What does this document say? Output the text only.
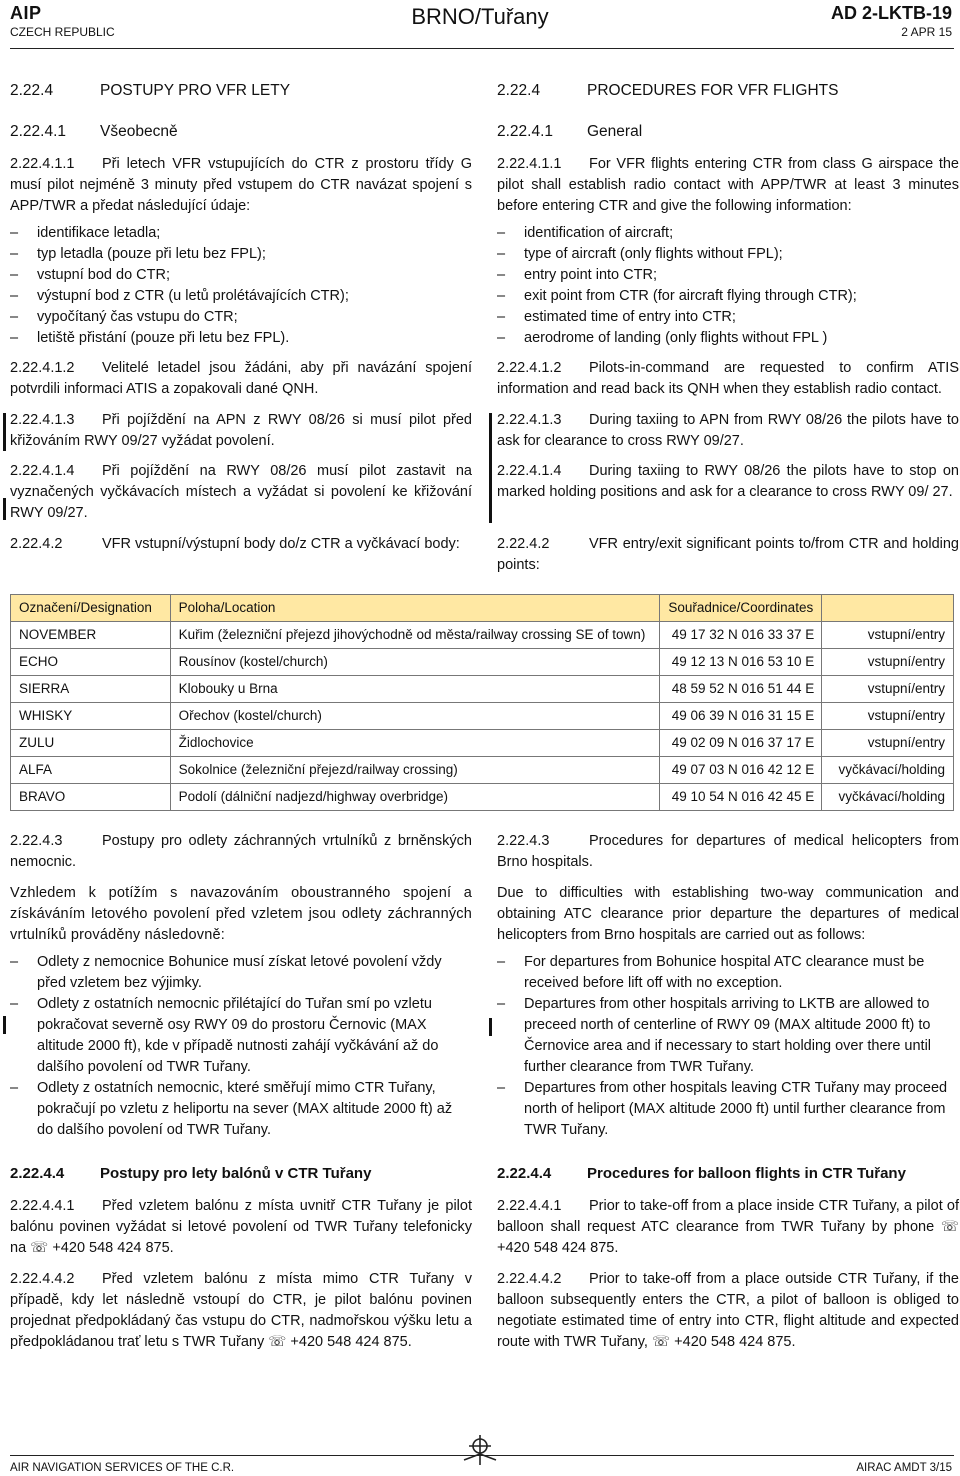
AIP
CZECH REPUBLIC
BRNO/Tuřany	AD 2-LKTB-19
2 APR 15
2.22.4	POSTUPY PRO VFR LETY
2.22.4.1 Všeobecně
2.22.4.1.1 Při letech VFR vstupujících do CTR z prostoru třídy G musí pilot nejméně 3 minuty před vstupem do CTR navázat spojení s APP/TWR a předat následující údaje:
– identifikace letadla;
– typ letadla (pouze při letu bez FPL);
– vstupní bod do CTR;
– výstupní bod z CTR (u letů prolétávajících CTR);
– vypočítaný čas vstupu do CTR;
– letiště přistání (pouze při letu bez FPL).
2.22.4.1.2 Velitelé letadel jsou žádáni, aby při navázání spojení potvrdili informaci ATIS a zopakovali dané QNH.
2.22.4.1.3 Při pojíždění na APN z RWY 08/26 si musí pilot před křižováním RWY 09/27 vyžádat povolení.
2.22.4.1.4 Při pojíždění na RWY 08/26 musí pilot zastavit na vyznačených vyčkávacích místech a vyžádat si povolení ke křižování RWY 09/27.
2.22.4.2	VFR vstupní/výstupní body do/z CTR a vyčkávací body:
2.22.4.3	Postupy pro odlety záchranných vrtulníků z brněnských nemocnic.
Vzhledem k potížím s navazováním oboustranného spojení a získáváním letového povolení před vzletem jsou odlety záchranných vrtulníků prováděny následovně:
– Odlety z nemocnice Bohunice musí získat letové povolení vždy před vzletem bez výjimky.
– Odlety z ostatních nemocnic přilétající do Tuřan smí po vzletu pokračovat severně osy RWY 09 do prostoru Černovic (MAX altitude 2000 ft), kde v případě nutnosti zahájí vyčkávání až do dalšího povolení od TWR Tuřany.
– Odlety z ostatních nemocnic, které směřují mimo CTR Tuřany, pokračují po vzletu z heliportu na sever (MAX altitude 2000 ft) až do dalšího povolení od TWR Tuřany.
2.22.4.4 Postupy pro lety balónů v CTR Tuřany
2.22.4.4.1 Před vzletem balónu z místa uvnitř CTR Tuřany je pilot balónu povinen vyžádat si letové povolení od TWR Tuřany telefonicky na ☏ +420 548 424 875.
2.22.4.4.2 Před vzletem balónu z místa mimo CTR Tuřany v případě, kdy let následně vstoupí do CTR, je pilot balónu povinen projednat předpokládaný čas vstupu do CTR, nadmořskou výšku letu a předpokládanou trať letu s TWR Tuřany ☏ +420 548 424 875.
2.22.4	PROCEDURES FOR VFR FLIGHTS
2.22.4.1 General
2.22.4.1.1 For VFR flights entering CTR from class G airspace the pilot shall establish radio contact with APP/TWR at least 3 minutes before entering CTR and give the following information:
– identification of aircraft;
– type of aircraft (only flights without FPL);
– entry point into CTR;
– exit point from CTR (for aircraft flying through CTR);
– estimated time of entry into CTR;
– aerodrome of landing (only flights without FPL )
2.22.4.1.2 Pilots-in-command are requested to confirm ATIS information and read back its QNH when they establish radio contact.
2.22.4.1.3 During taxiing to APN from RWY 08/26 the pilots have to ask for clearance to cross RWY 09/27.
2.22.4.1.4 During taxiing to RWY 08/26 the pilots have to stop on marked holding positions and ask for a clearance to cross RWY 09/ 27.
2.22.4.2	VFR entry/exit significant points to/from CTR and holding points:
2.22.4.3	Procedures for departures of medical helicopters from Brno hospitals.
Due to difficulties with establishing two-way communication and obtaining ATC clearance prior departure the departures of medical helicopters from Brno hospitals are carried out as follows:
– For departures from Bohunice hospital ATC clearance must be received before lift off with no exception.
– Departures from other hospitals arriving to LKTB are allowed to preceed north of centerline of RWY 09 (MAX altitude 2000 ft) to Černovice area and if necessary to start holding over there until further clearance from TWR Tuřany.
– Departures from other hospitals leaving CTR Tuřany may proceed north of heliport (MAX altitude 2000 ft) until further clearance from TWR Tuřany.
2.22.4.4 Procedures for balloon flights in CTR Tuřany
2.22.4.4.1 Prior to take-off from a place inside CTR Tuřany, a pilot of balloon shall request ATC clearance from TWR Tuřany by phone ☏ +420 548 424 875.
2.22.4.4.2 Prior to take-off from a place outside CTR Tuřany, if the balloon subsequently enters the CTR, a pilot of balloon is obliged to negotiate estimated time of entry into CTR, flight altitude and expected route with TWR Tuřany, ☏ +420 548 424 875.
Označení/Designation	Poloha/Location	Souřadnice/Coordinates	
NOVEMBER	Kuřim (železniční přejezd jihovýchodně od města/railway crossing SE of town)	49 17 32 N 016 33 37 E	vstupní/entry
ECHO	Rousínov (kostel/church)	49 12 13 N 016 53 10 E	vstupní/entry
SIERRA	Klobouky u Brna	48 59 52 N 016 51 44 E	vstupní/entry
WHISKY	Ořechov (kostel/church)	49 06 39 N 016 31 15 E	vstupní/entry
ZULU	Židlochovice	49 02 09 N 016 37 17 E	vstupní/entry
ALFA	Sokolnice (železniční přejezd/railway crossing)	49 07 03 N 016 42 12 E	vyčkávací/holding
BRAVO	Podolí (dálniční nadjezd/highway overbridge)	49 10 54 N 016 42 45 E	vyčkávací/holding
AIR NAVIGATION SERVICES OF THE C.R.	AIRAC AMDT 3/15
